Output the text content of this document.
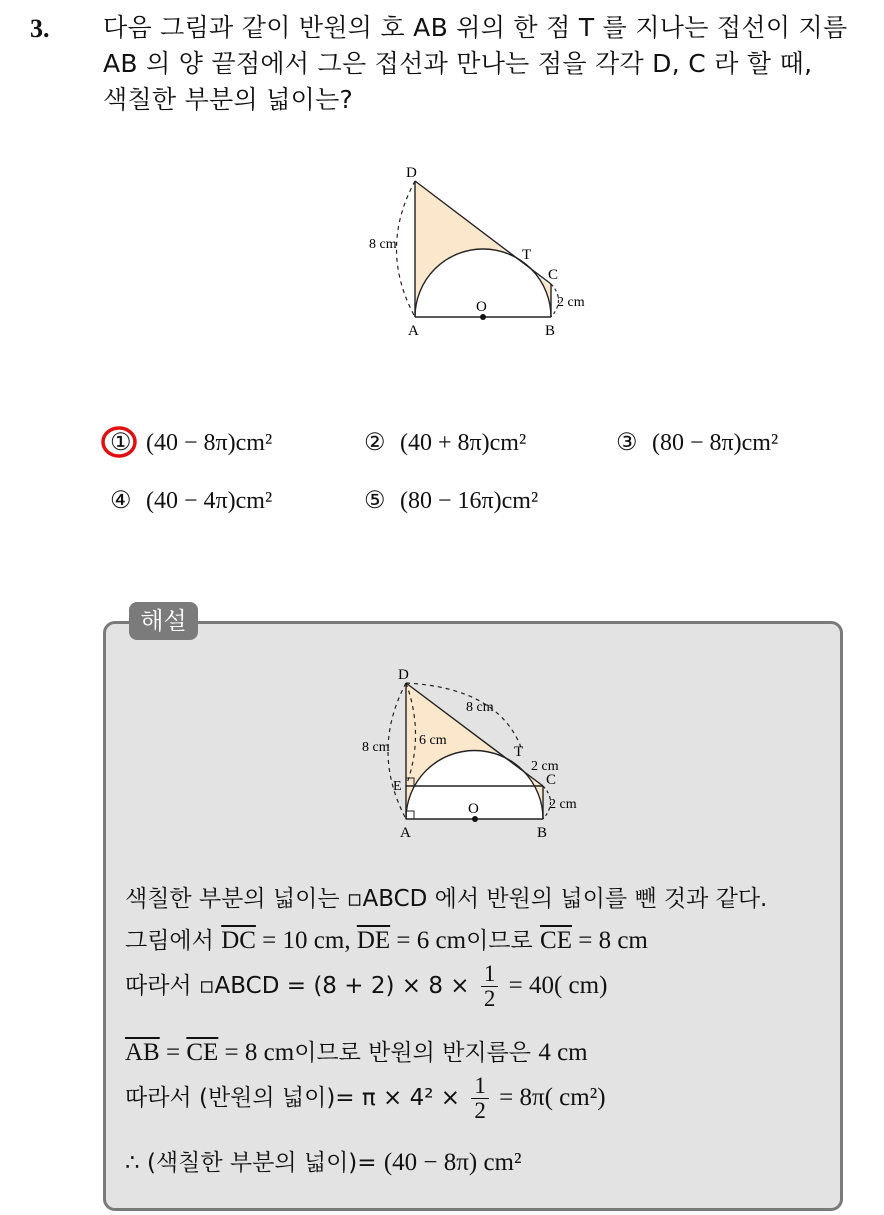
3. 다음 그림과 같이 반원의 호 AB 위의 한 점 T 를 지나는 접선이 지름
AB 의 양 끝점에서 그은 접선과 만나는 점을 각각 D, C 라 할 때,
색칠한 부분의 넓이는?
D
T
C
O
A	B
8 cm
2 cm
① (40 − 8π)cm²	② (40 + 8π)cm²	③ (80 − 8π)cm²
④ (40 − 4π)cm²	⑤ (80 − 16π)cm²
해설
D
E
T
C
O
A	B
8 cm
8 cm 6 cm
2 cm
2 cm
색칠한 부분의 넓이는 ▫ABCD 에서 반원의 넓이를 뺀 것과 같다.
그림에서 $\overline{DC} = 10$ cm, $\overline{DE} = 6$ cm이므로 $\overline{CE} = 8$ cm
따라서 ▫ABCD = $(8 + 2) \times 8 \times \frac{1}{2} = 40$( cm)
$\overline{AB} = \overline{CE} = 8$ cm이므로 반원의 반지름은 4 cm
따라서 (반원의 넓이)= $\pi \times 4^2 \times \frac{1}{2} = 8\pi$( cm²)
∴ (색칠한 부분의 넓이)= (40 − 8π) cm²
